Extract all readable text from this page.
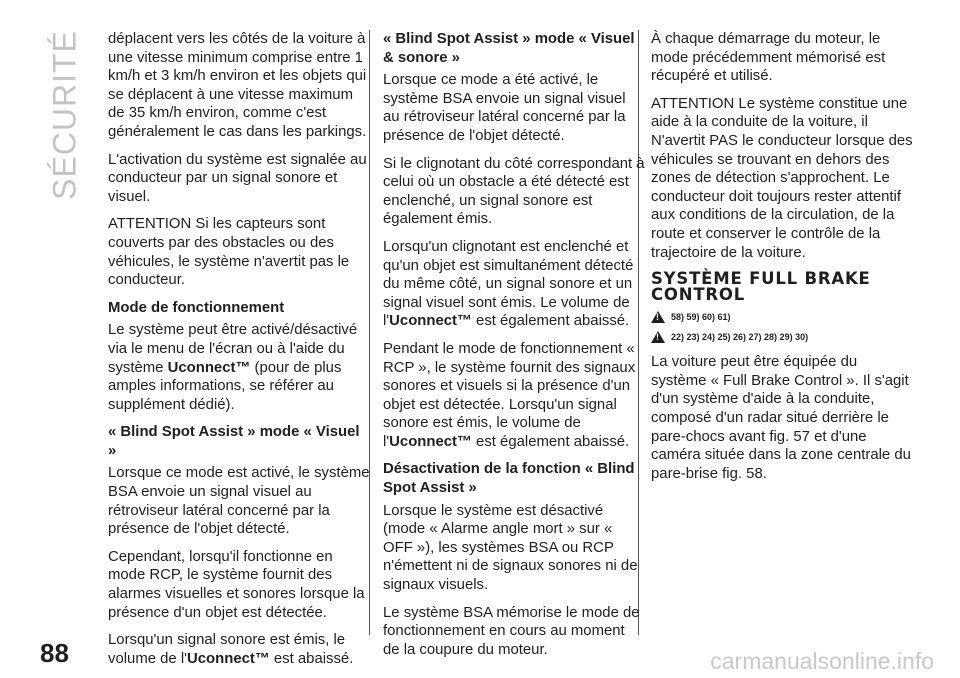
SÉCURITÉ déplacent vers les côtés de la voiture à une vitesse minimum comprise entre 1 km/h et 3 km/h environ et les objets qui se déplacent à une vitesse maximum de 35 km/h environ, comme c'est généralement le cas dans les parkings.

L'activation du système est signalée au conducteur par un signal sonore et visuel.

ATTENTION Si les capteurs sont couverts par des obstacles ou des véhicules, le système n'avertit pas le conducteur.

Mode de fonctionnement

Le système peut être activé/désactivé via le menu de l'écran ou à l'aide du système Uconnect™ (pour de plus amples informations, se référer au supplément dédié).

« Blind Spot Assist » mode « Visuel »

Lorsque ce mode est activé, le système BSA envoie un signal visuel au rétroviseur latéral concerné par la présence de l'objet détecté.

Cependant, lorsqu'il fonctionne en mode RCP, le système fournit des alarmes visuelles et sonores lorsque la présence d'un objet est détectée.

Lorsqu'un signal sonore est émis, le volume de l'Uconnect™ est abaissé.

« Blind Spot Assist » mode « Visuel & sonore »

Lorsque ce mode a été activé, le système BSA envoie un signal visuel au rétroviseur latéral concerné par la présence de l'objet détecté.

Si le clignotant du côté correspondant à celui où un obstacle a été détecté est enclenché, un signal sonore est également émis.

Lorsqu'un clignotant est enclenché et qu'un objet est simultanément détecté du même côté, un signal sonore et un signal visuel sont émis. Le volume de l'Uconnect™ est également abaissé.

Pendant le mode de fonctionnement « RCP », le système fournit des signaux sonores et visuels si la présence d'un objet est détectée. Lorsqu'un signal sonore est émis, le volume de l'Uconnect™ est également abaissé.

Désactivation de la fonction « Blind Spot Assist »

Lorsque le système est désactivé (mode « Alarme angle mort » sur « OFF »), les systèmes BSA ou RCP n'émettent ni de signaux sonores ni de signaux visuels.

Le système BSA mémorise le mode de fonctionnement en cours au moment de la coupure du moteur.

À chaque démarrage du moteur, le mode précédemment mémorisé est récupéré et utilisé.

ATTENTION Le système constitue une aide à la conduite de la voiture, il N'avertit PAS le conducteur lorsque des véhicules se trouvant en dehors des zones de détection s'approchent. Le conducteur doit toujours rester attentif aux conditions de la circulation, de la route et conserver le contrôle de la trajectoire de la voiture.

SYSTÈME FULL BRAKE CONTROL
!
58) 59) 60) 61)
!
22) 23) 24) 25) 26) 27) 28) 29) 30)

La voiture peut être équipée du système « Full Brake Control ». Il s'agit d'un système d'aide à la conduite, composé d'un radar situé derrière le pare-chocs avant fig. 57 et d'une caméra située dans la zone centrale du pare-brise fig. 58.

88	carmanualsonline.info
